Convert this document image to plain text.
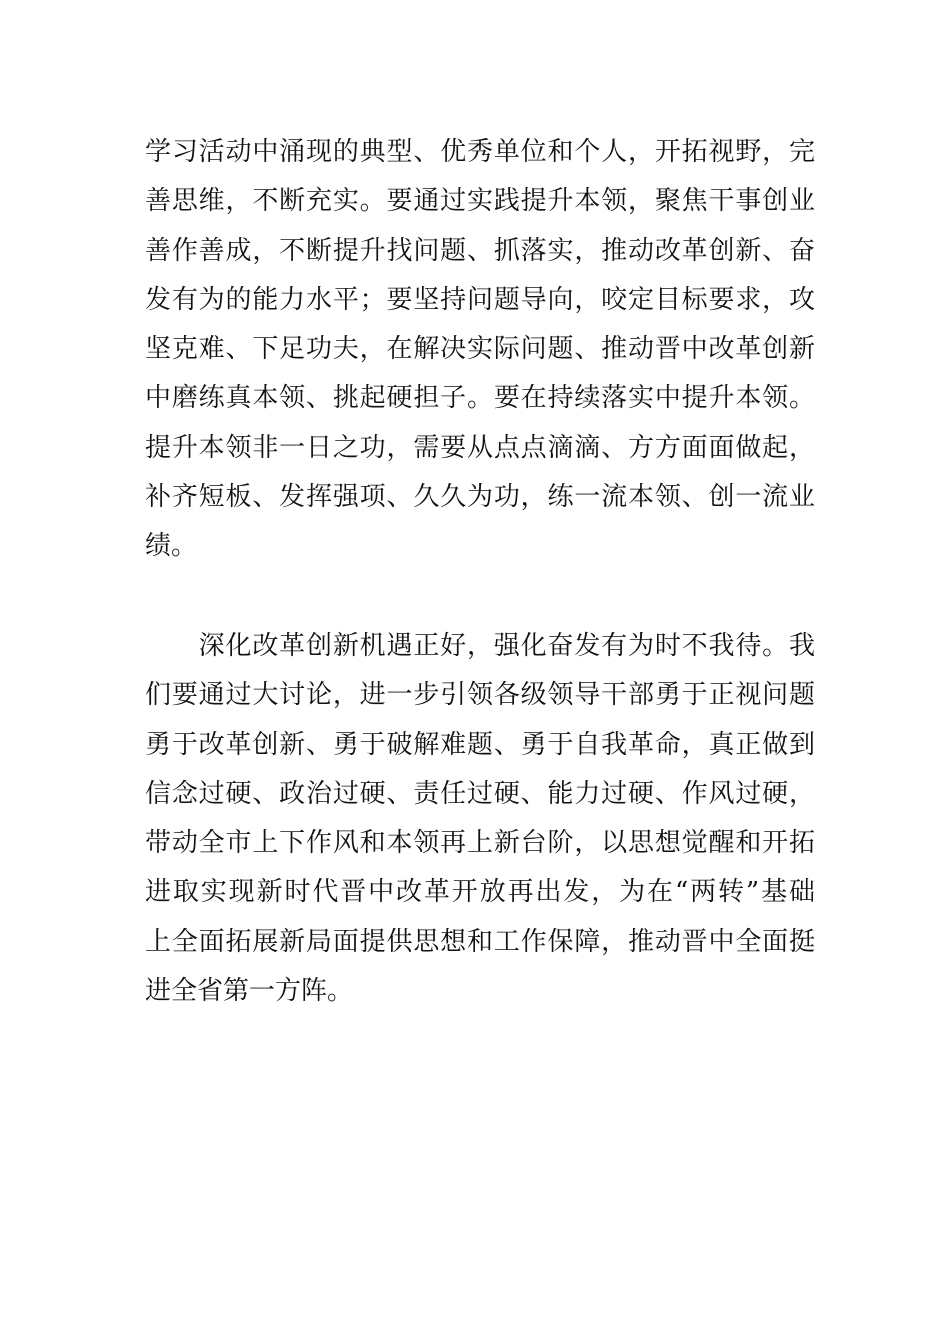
学习活动中涌现的典型、优秀单位和个人，开拓视野，完
善思维，不断充实。要通过实践提升本领，聚焦干事创业
善作善成，不断提升找问题、抓落实，推动改革创新、奋
发有为的能力水平；要坚持问题导向，咬定目标要求，攻
坚克难、下足功夫，在解决实际问题、推动晋中改革创新
中磨练真本领、挑起硬担子。要在持续落实中提升本领。
提升本领非一日之功，需要从点点滴滴、方方面面做起，
补齐短板、发挥强项、久久为功，练一流本领、创一流业
绩。
　　深化改革创新机遇正好，强化奋发有为时不我待。我
们要通过大讨论，进一步引领各级领导干部勇于正视问题
勇于改革创新、勇于破解难题、勇于自我革命，真正做到
信念过硬、政治过硬、责任过硬、能力过硬、作风过硬，
带动全市上下作风和本领再上新台阶，以思想觉醒和开拓
进取实现新时代晋中改革开放再出发，为在“两转”基础
上全面拓展新局面提供思想和工作保障，推动晋中全面挺
进全省第一方阵。
